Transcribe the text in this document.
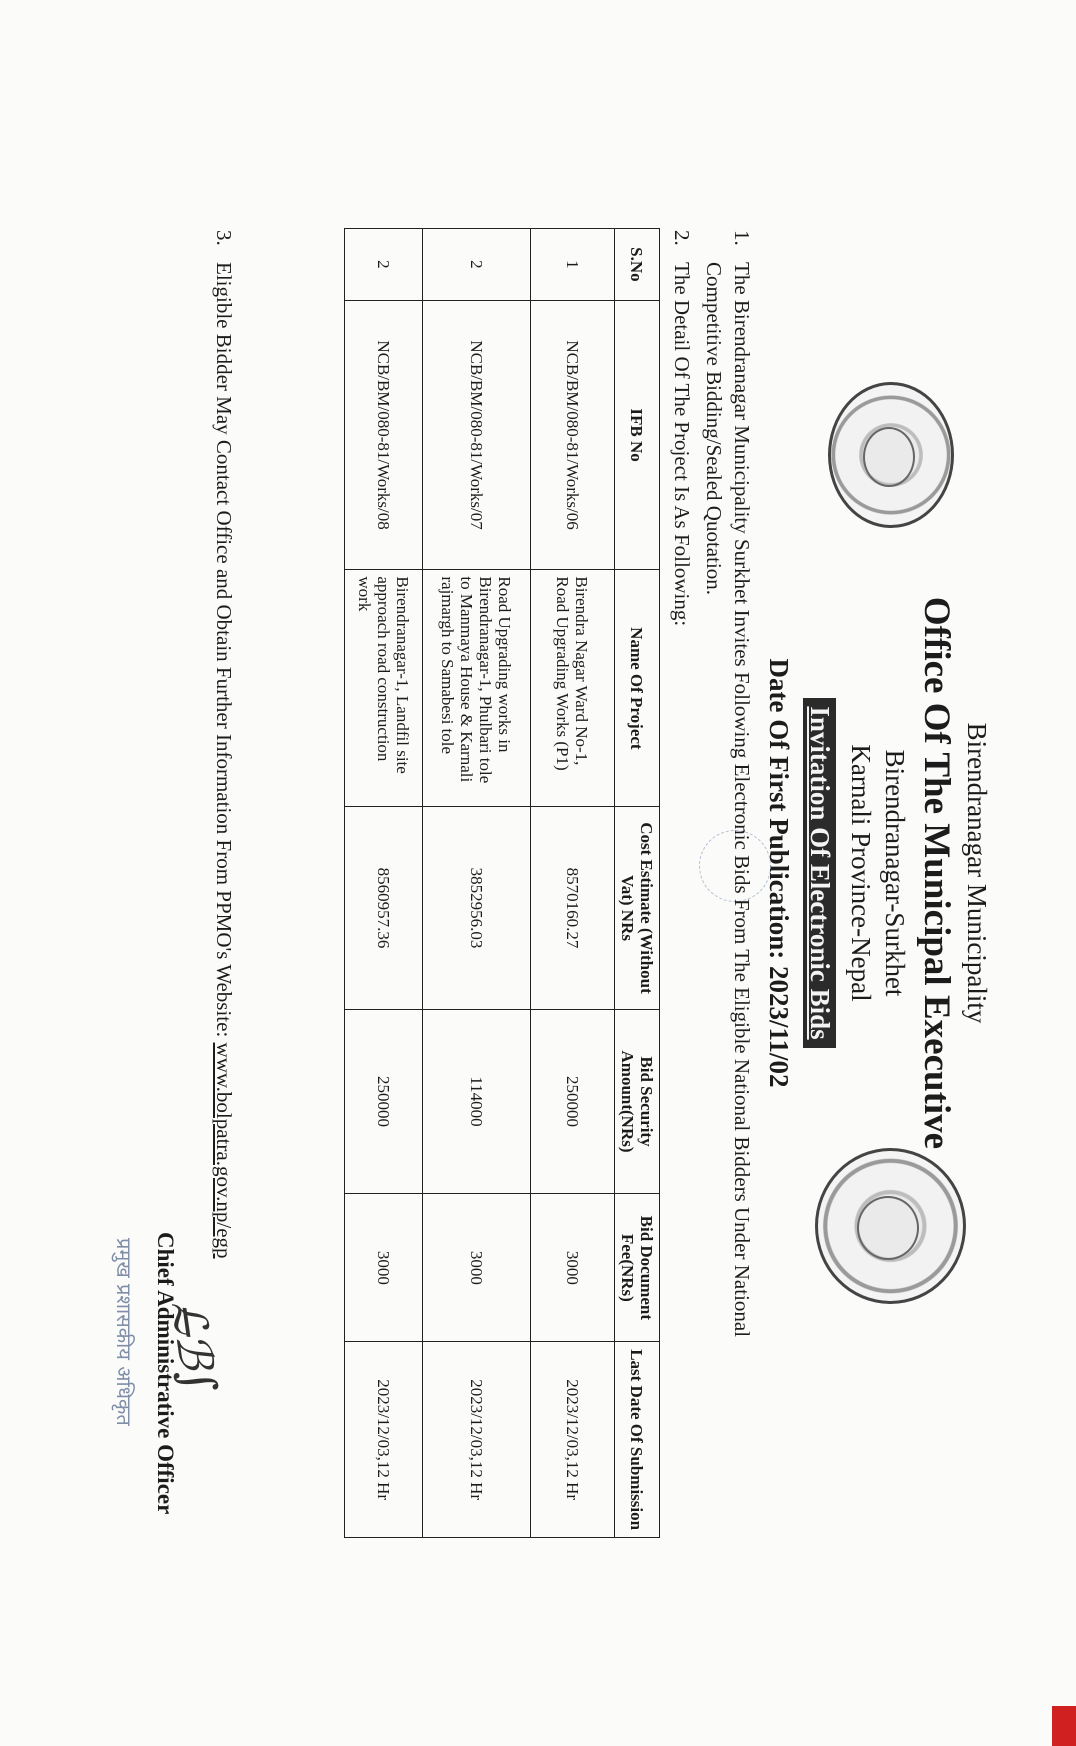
Birendranagar Municipality
Office Of The Municipal Executive
Birendranagar-Surkhet
Karnali Province-Nepal
Invitation Of Electronic Bids
Date Of First Publication: 2023/11/02
1.The Birendranagar Municipality Surkhet Invites Following Electronic Bids From The Eligible National Bidders Under National
Competitive Bidding/Sealed Quotation.
2.The Detail Of The Project Is As Following:
S.No	IFB No	Name Of Project	Cost Estimate (Without Vat) NRs	Bid Security Amount(NRs)	Bid Document Fee(NRs)	Last Date Of Submission
1	NCB/BM/080-81/Works/06	Birendra Nagar Ward No-1, Road Upgrading Works (P1)	8570160.27	250000	3000	2023/12/03,12 Hr
2	NCB/BM/080-81/Works/07	Road Upgrading works in Birendranagar-1, Phulbari tole to Manmaya House & Karnali rajmargh to Samabesi tole	3852956.03	114000	3000	2023/12/03,12 Hr
2	NCB/BM/080-81/Works/08	Birendranagar-1, Landfil site approach road construction work	8560957.36	250000	3000	2023/12/03,12 Hr
3.Eligible Bidder May Contact Office and Obtain Further Information From PPMO's Website: www.bolpatra.gov.np/egp
ℒ̶ℬ∫
Chief Administrative Officer
प्रमुख प्रशासकीय अधिकृत
